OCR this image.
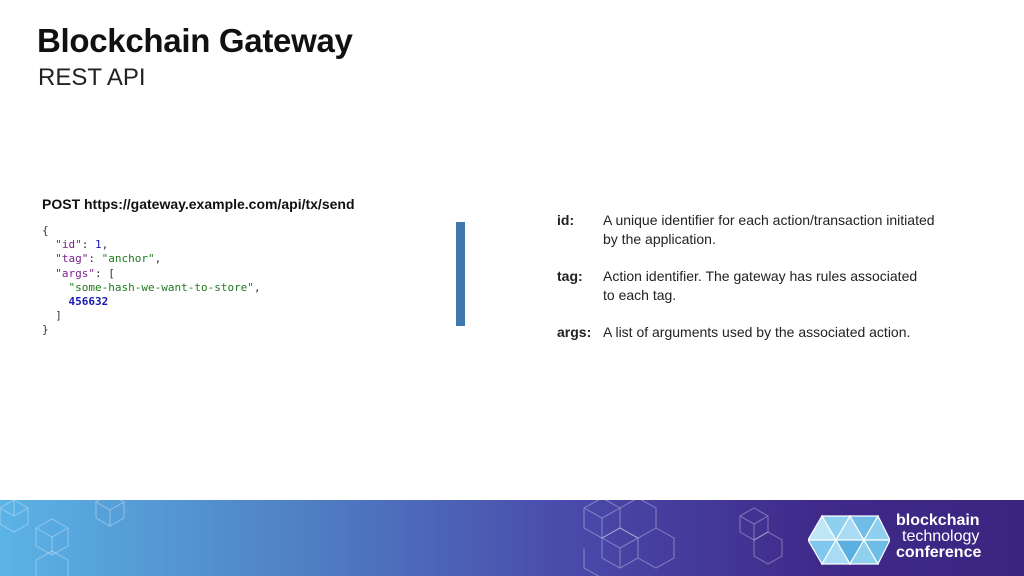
Blockchain Gateway
REST API
POST https://gateway.example.com/api/tx/send
{
"id": 1,
"tag": "anchor",
"args": [
"some-hash-we-want-to-store",
456632
]
}
id: A unique identifier for each action/transaction initiated
by the application.
tag: Action identifier. The gateway has rules associated
to each tag.
args: A list of arguments used by the associated action.
blockchain
technology
conference
